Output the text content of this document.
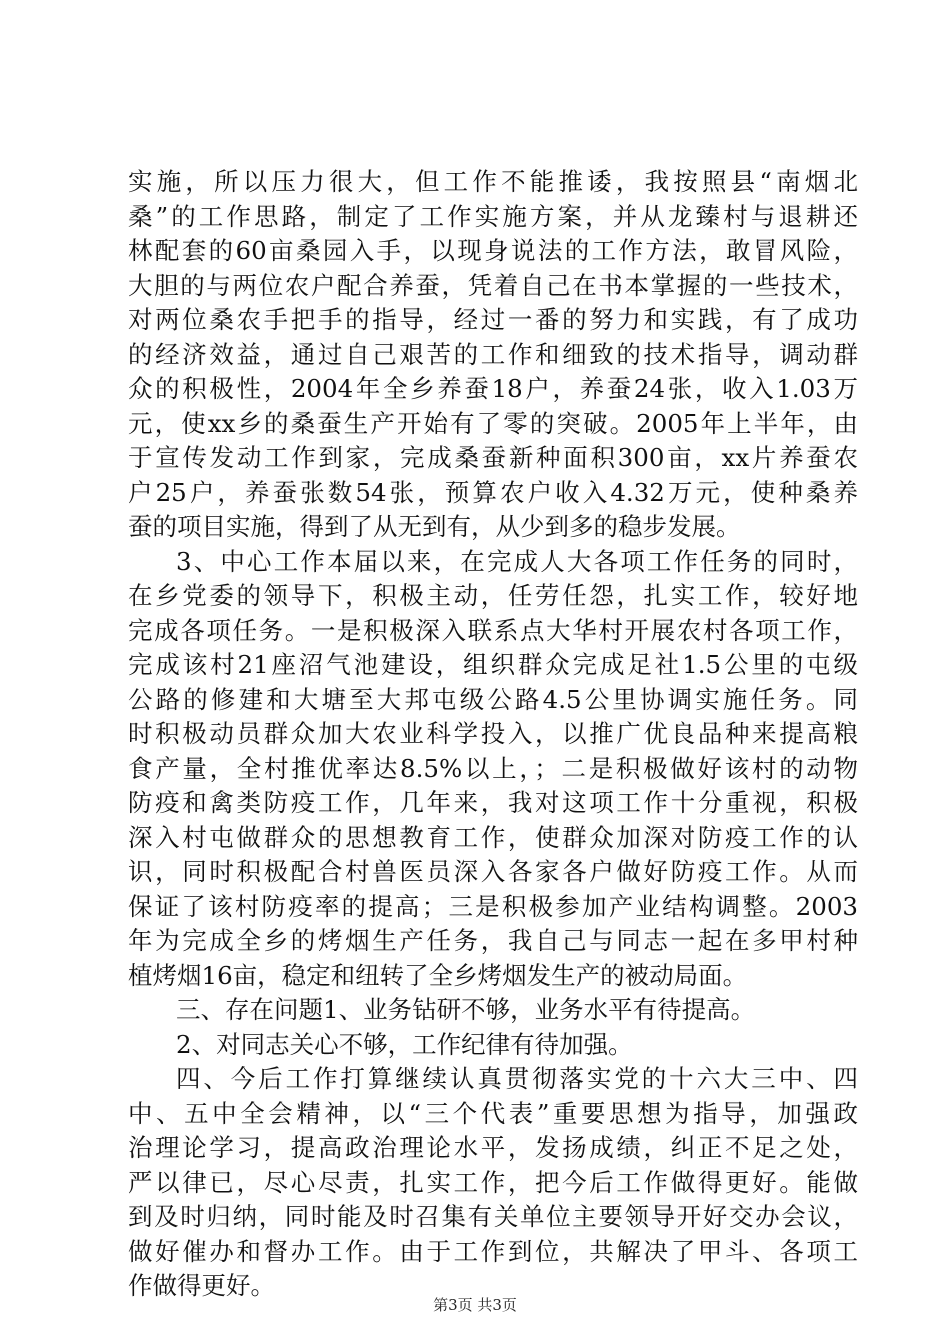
实施，所以压力很大，但工作不能推诿，我按照县“南烟北
桑”的工作思路，制定了工作实施方案，并从龙臻村与退耕还
林配套的60亩桑园入手，以现身说法的工作方法，敢冒风险，
大胆的与两位农户配合养蚕，凭着自己在书本掌握的一些技术，
对两位桑农手把手的指导，经过一番的努力和实践，有了成功
的经济效益，通过自己艰苦的工作和细致的技术指导，调动群
众的积极性，2004年全乡养蚕18户，养蚕24张，收入1.03万
元，使xx乡的桑蚕生产开始有了零的突破。2005年上半年，由
于宣传发动工作到家，完成桑蚕新种面积300亩，xx片养蚕农
户25户，养蚕张数54张，预算农户收入4.32万元，使种桑养
蚕的项目实施，得到了从无到有，从少到多的稳步发展。
3、中心工作本届以来，在完成人大各项工作任务的同时，
在乡党委的领导下，积极主动，任劳任怨，扎实工作，较好地
完成各项任务。一是积极深入联系点大华村开展农村各项工作，
完成该村21座沼气池建设，组织群众完成足社1.5公里的屯级
公路的修建和大塘至大邦屯级公路4.5公里协调实施任务。同
时积极动员群众加大农业科学投入，以推广优良品种来提高粮
食产量，全村推优率达8.5%以上，；二是积极做好该村的动物
防疫和禽类防疫工作，几年来，我对这项工作十分重视，积极
深入村屯做群众的思想教育工作，使群众加深对防疫工作的认
识，同时积极配合村兽医员深入各家各户做好防疫工作。从而
保证了该村防疫率的提高；三是积极参加产业结构调整。2003
年为完成全乡的烤烟生产任务，我自己与同志一起在多甲村种
植烤烟16亩，稳定和纽转了全乡烤烟发生产的被动局面。
三、存在问题1、业务钻研不够，业务水平有待提高。
2、对同志关心不够，工作纪律有待加强。
四、今后工作打算继续认真贯彻落实党的十六大三中、四
中、五中全会精神，以“三个代表”重要思想为指导，加强政
治理论学习，提高政治理论水平，发扬成绩，纠正不足之处，
严以律已，尽心尽责，扎实工作，把今后工作做得更好。能做
到及时归纳，同时能及时召集有关单位主要领导开好交办会议，
做好催办和督办工作。由于工作到位，共解决了甲斗、各项工
作做得更好。
第3页 共3页
